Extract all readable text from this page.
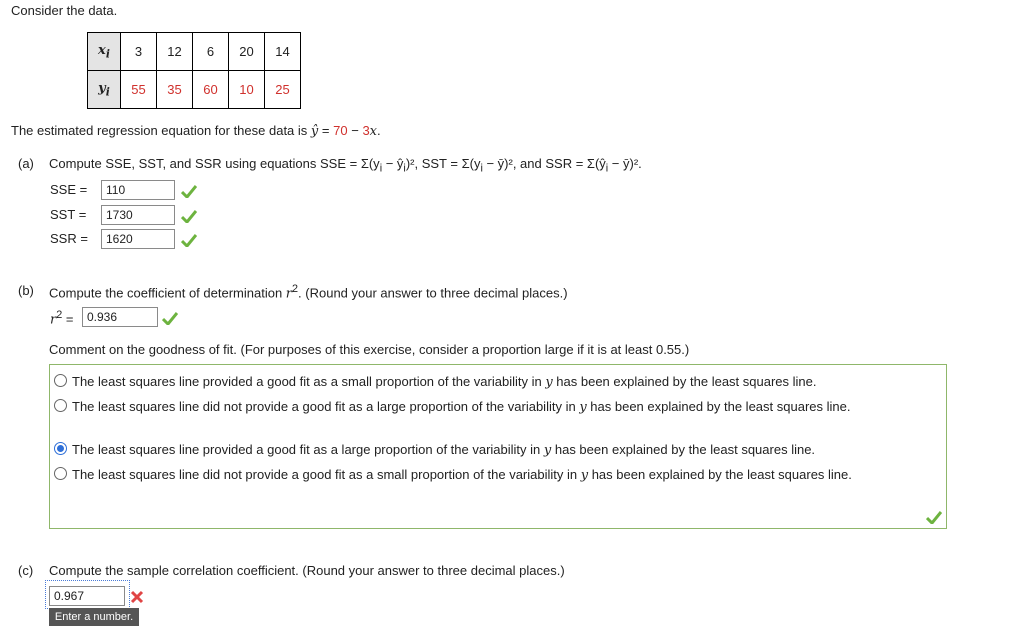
Consider the data.
$x_i$	3	12	6	20	14
$y_i$	55	35	60	10	25
The estimated regression equation for these data is ŷ = 70 − 3x.
(a) Compute SSE, SST, and SSR using equations SSE = $\Sigma(y_i$ − $ŷ_i)^2$, SST = $\Sigma(y_i$ − ȳ)², and SSR = $\Sigma(ŷ_i$ − ȳ)².
SSE =	110
SST =	1730
SSR =	1620
(b) Compute the coefficient of determination $r^2$. (Round your answer to three decimal places.)
$r^2$ =	0.936
Comment on the goodness of fit. (For purposes of this exercise, consider a proportion large if it is at least 0.55.)
The least squares line provided a good fit as a small proportion of the variability in y has been explained by the least squares line.
The least squares line did not provide a good fit as a large proportion of the variability in y has been explained by the least squares line.
The least squares line provided a good fit as a large proportion of the variability in y has been explained by the least squares line.
The least squares line did not provide a good fit as a small proportion of the variability in y has been explained by the least squares line.
(c) Compute the sample correlation coefficient. (Round your answer to three decimal places.)
0.967
Enter a number.
